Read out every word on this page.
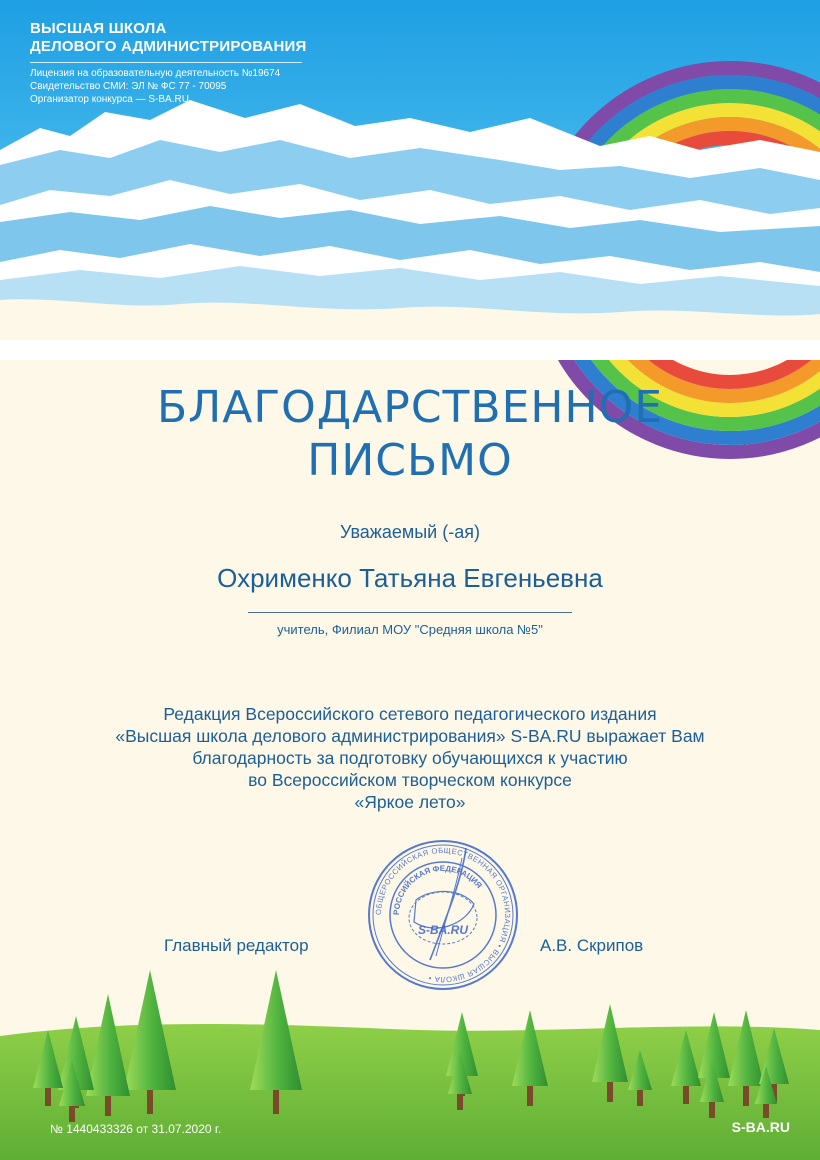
ВЫСШАЯ ШКОЛА
ДЕЛОВОГО АДМИНИСТРИРОВАНИЯ
Лицензия на образовательную деятельность №19674
Свидетельство СМИ: ЭЛ № ФС 77 - 70095
Организатор конкурса — S-BA.RU
БЛАГОДАРСТВЕННОЕ
ПИСЬМО
Уважаемый (-ая)
Охрименко Татьяна Евгеньевна
учитель, Филиал МОУ "Средняя школа №5"
Редакция Всероссийского сетевого педагогического издания
«Высшая школа делового администрирования» S-BA.RU выражает Вам
благодарность за подготовку обучающихся к участию
во Всероссийском творческом конкурсе
«Яркое лето»
ОБЩЕРОССИЙСКАЯ ОБЩЕСТВЕННАЯ ОРГАНИЗАЦИЯ • ВЫСШАЯ ШКОЛА •
РОССИЙСКАЯ ФЕДЕРАЦИЯ
S-BA.RU
Главный редактор	А.В. Скрипов
№ 1440433326 от 31.07.2020 г.	S-BA.RU
